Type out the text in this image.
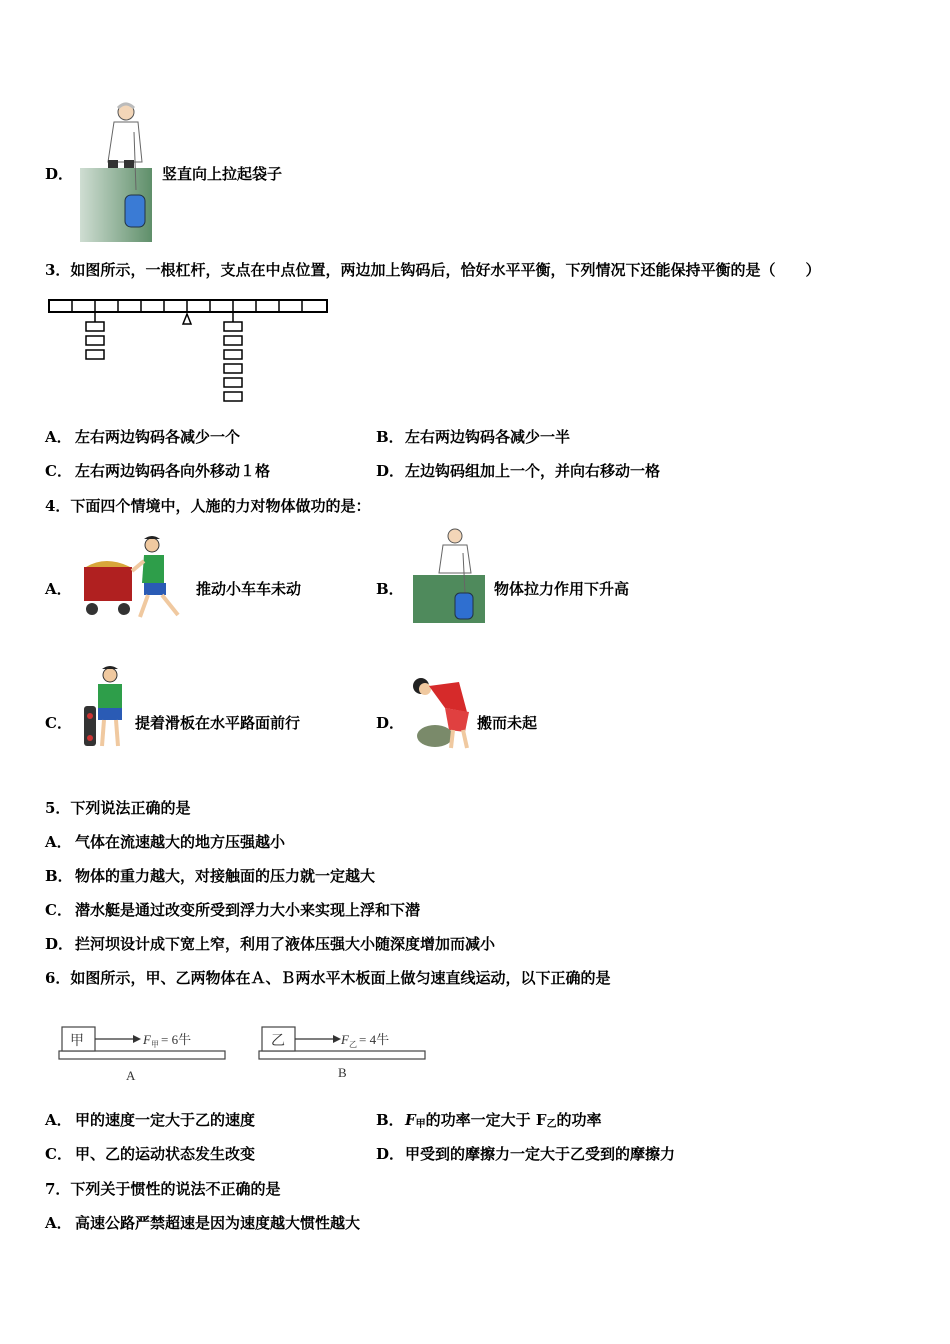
D．	竖直向上拉起袋子
3．如图所示，一根杠杆，支点在中点位置，两边加上钩码后，恰好水平平衡，下列情况下还能保持平衡的是（　　）
A． 左右两边钩码各减少一个	B． 左右两边钩码各减少一半
C． 左右两边钩码各向外移动１格	D． 左边钩码组加上一个，并向右移动一格
4．下面四个情境中，人施的力对物体做功的是：
A．	推动小车车未动	B．	物体拉力作用下升高
C．	提着滑板在水平路面前行	D．	搬而未起
5．下列说法正确的是
A． 气体在流速越大的地方压强越小
B． 物体的重力越大，对接触面的压力就一定越大
C． 潜水艇是通过改变所受到浮力大小来实现上浮和下潜
D． 拦河坝设计成下宽上窄，利用了液体压强大小随深度增加而减小
6．如图所示，甲、乙两物体在Ａ、Ｂ两水平木板面上做匀速直线运动，以下正确的是
甲	F 甲 = 6牛
A
乙	F 乙 = 4牛
B
A． 甲的速度一定大于乙的速度	B． $F_甲$的功率一定大于 $F_乙$的功率
C． 甲、乙的运动状态发生改变	D． 甲受到的摩擦力一定大于乙受到的摩擦力
7．下列关于惯性的说法不正确的是
A． 高速公路严禁超速是因为速度越大惯性越大
